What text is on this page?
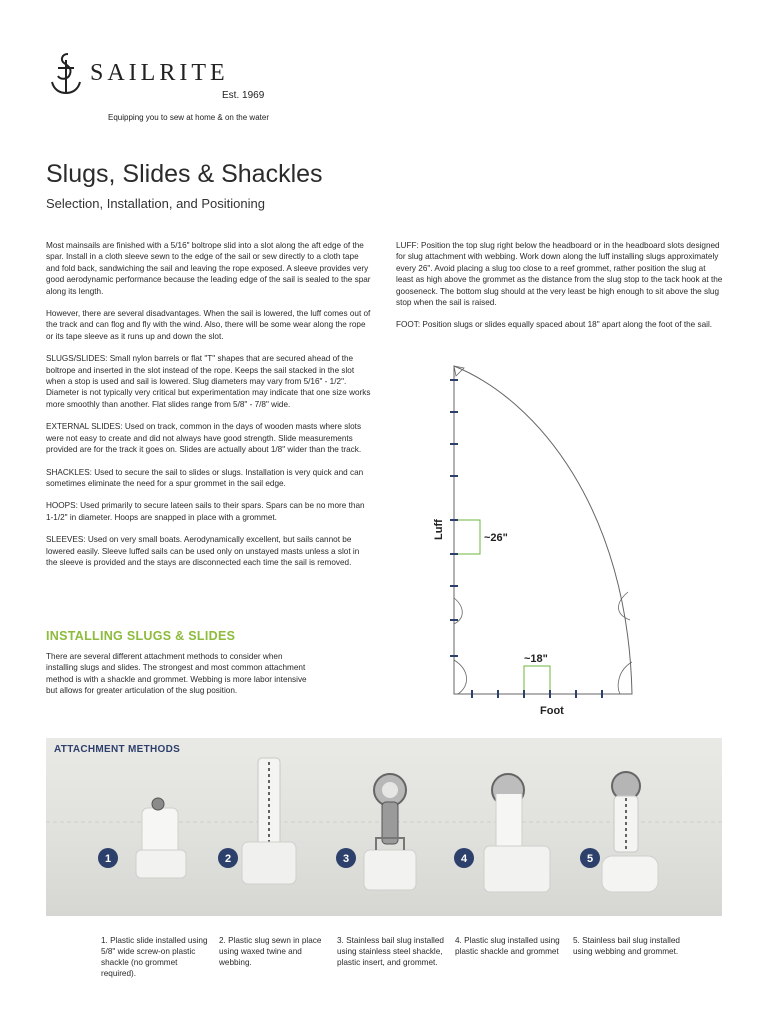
SAILRITE
Est. 1969
Equipping you to sew at home & on the water
Slugs, Slides & Shackles
Selection, Installation, and Positioning

Most mainsails are finished with a 5/16" boltrope slid into a slot along the aft edge of the spar. Install in a cloth sleeve sewn to the edge of the sail or sew directly to a cloth tape and fold back, sandwiching the sail and leaving the rope exposed. A sleeve provides very good aerodynamic performance because the leading edge of the sail is sealed to the spar along its length.

However, there are several disadvantages. When the sail is lowered, the luff comes out of the track and can flog and fly with the wind. Also, there will be some wear along the rope or its tape sleeve as it runs up and down the slot.

SLUGS/SLIDES: Small nylon barrels or flat "T" shapes that are secured ahead of the boltrope and inserted in the slot instead of the rope. Keeps the sail stacked in the slot when a stop is used and sail is lowered. Slug diameters may vary from 5/16" - 1/2". Diameter is not typically very critical but experimentation may indicate that one size works more smoothly than another. Flat slides range from 5/8" - 7/8" wide.

EXTERNAL SLIDES: Used on track, common in the days of wooden masts where slots were not easy to create and did not always have good strength. Slide measurements provided are for the track it goes on. Slides are actually about 1/8" wider than the track.

SHACKLES: Used to secure the sail to slides or slugs. Installation is very quick and can sometimes eliminate the need for a spur grommet in the sail edge.

HOOPS: Used primarily to secure lateen sails to their spars. Spars can be no more than 1-1/2" in diameter. Hoops are snapped in place with a grommet.

SLEEVES: Used on very small boats. Aerodynamically excellent, but sails cannot be lowered easily. Sleeve luffed sails can be used only on unstayed masts unless a slot in the sleeve is provided and the stays are disconnected each time the sail is removed.

INSTALLING SLUGS & SLIDES

There are several different attachment methods to consider when installing slugs and slides. The strongest and most common attachment method is with a shackle and grommet. Webbing is more labor intensive but allows for greater articulation of the slug position.

LUFF: Position the top slug right below the headboard or in the headboard slots designed for slug attachment with webbing. Work down along the luff installing slugs approximately every 26". Avoid placing a slug too close to a reef grommet, rather position the slug at least as high above the grommet as the distance from the slug stop to the tack hook at the gooseneck. The bottom slug should at the very least be high enough to sit above the slug stop when the sail is raised.

FOOT: Position slugs or slides equally spaced about 18" apart along the foot of the sail.

~26"
~18"
Luff
Foot
1	2	3	4	5
ATTACHMENT METHODS
1. Plastic slide installed using 5/8" wide screw-on plastic shackle (no grommet required).
2. Plastic slug sewn in place using waxed twine and webbing.
3. Stainless bail slug installed using stainless steel shackle, plastic insert, and grommet.
4. Plastic slug installed using plastic shackle and grommet
5. Stainless bail slug installed using webbing and grommet.
